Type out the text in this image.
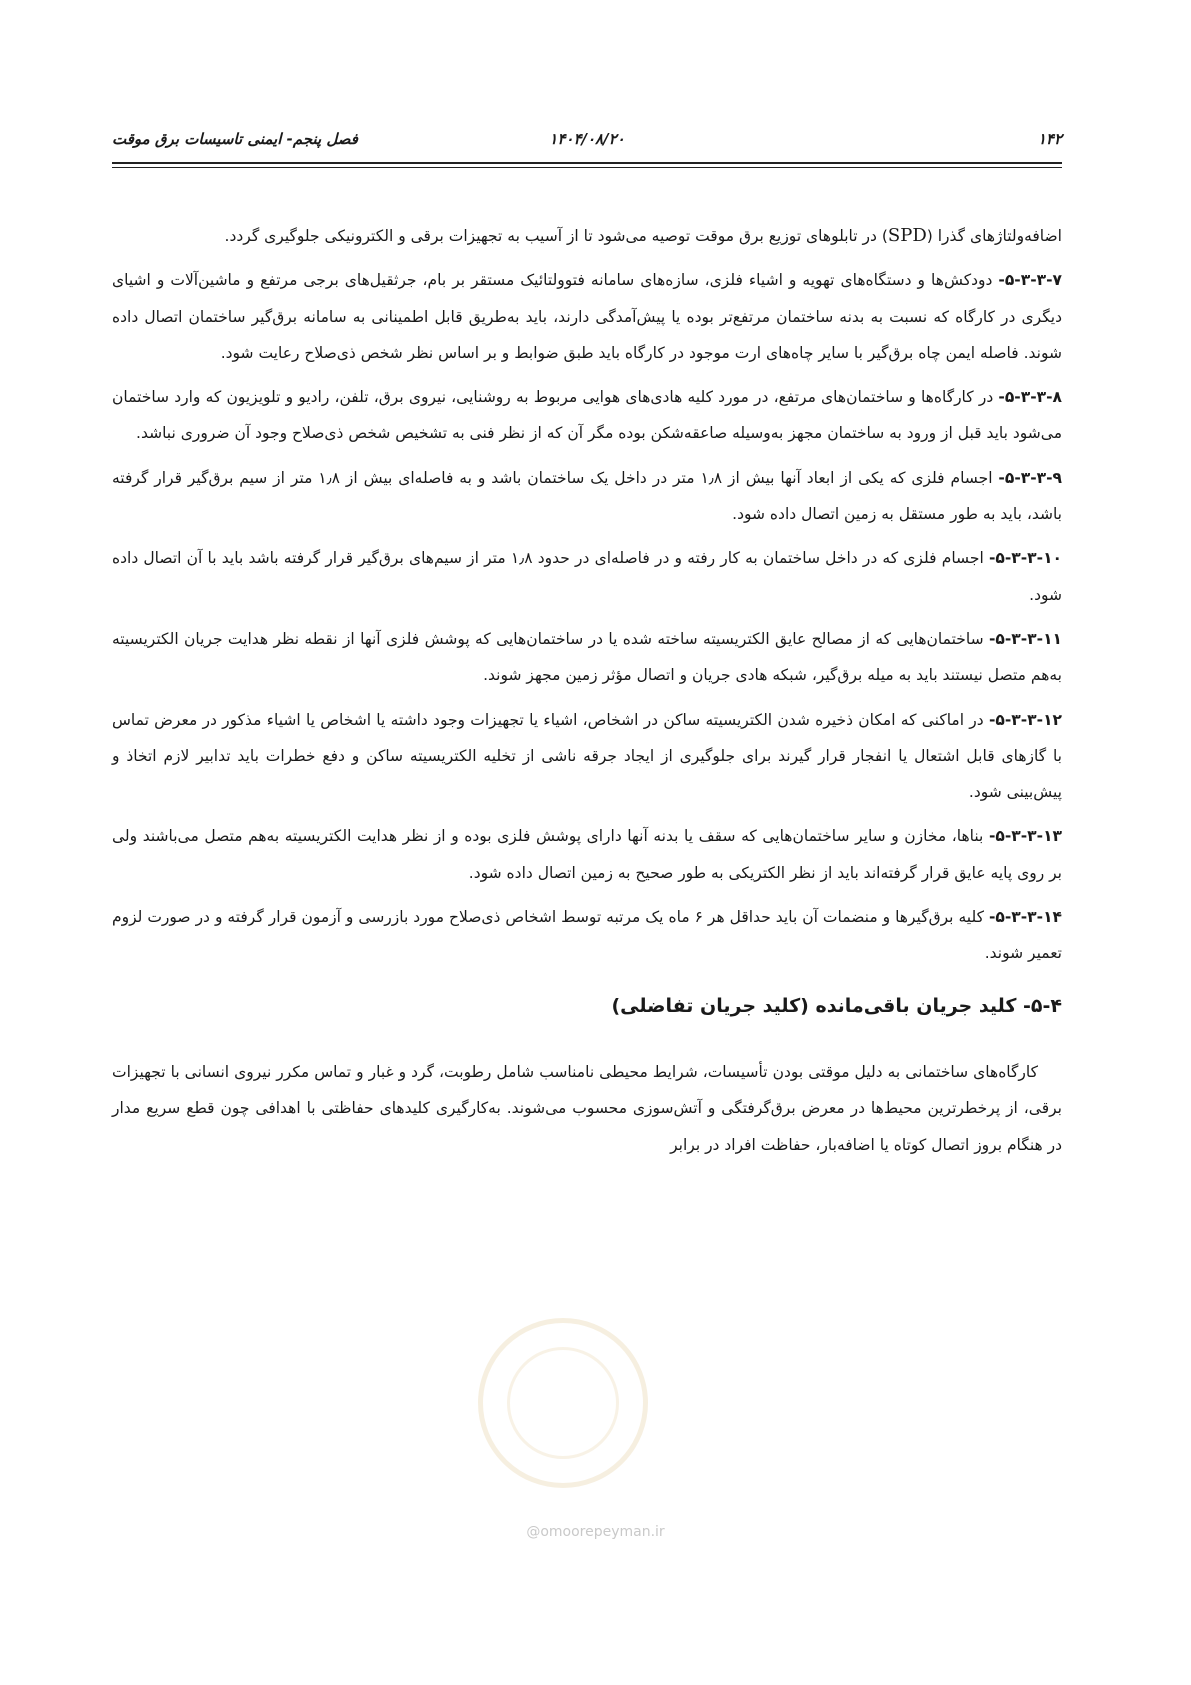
۱۴۲
۱۴۰۴/۰۸/۲۰
فصل پنجم- ایمنی تاسیسات برق موقت

اضافه‌ولتاژهای گذرا (SPD) در تابلوهای توزیع برق موقت توصیه می‌شود تا از آسیب به تجهیزات برقی و الکترونیکی جلوگیری گردد.

۵-۳-۳-۷- دودکش‌ها و دستگاه‌های تهویه و اشیاء فلزی، سازه‌های سامانه فتوولتائیک مستقر بر بام، جرثقیل‌های برجی مرتفع و ماشین‌آلات و اشیای دیگری در کارگاه که نسبت به بدنه ساختمان مرتفع‌تر بوده یا پیش‌آمدگی دارند، باید به‌طریق قابل اطمینانی به سامانه برق‌گیر ساختمان اتصال داده شوند. فاصله ایمن چاه برق‌گیر با سایر چاه‌های ارت موجود در کارگاه باید طبق ضوابط و بر اساس نظر شخص ذی‌صلاح رعایت شود.

۵-۳-۳-۸- در کارگاه‌ها و ساختمان‌های مرتفع، در مورد کلیه هادی‌های هوایی مربوط به روشنایی، نیروی برق، تلفن، رادیو و تلویزیون که وارد ساختمان می‌شود باید قبل از ورود به ساختمان مجهز به‌وسیله صاعقه‌شکن بوده مگر آن که از نظر فنی به تشخیص شخص ذی‌صلاح وجود آن ضروری نباشد.

۵-۳-۳-۹- اجسام فلزی که یکی از ابعاد آنها بیش از ۱٫۸ متر در داخل یک ساختمان باشد و به فاصله‌ای بیش از ۱٫۸ متر از سیم برق‌گیر قرار گرفته باشد، باید به طور مستقل به زمین اتصال داده شود.

۵-۳-۳-۱۰- اجسام فلزی که در داخل ساختمان به کار رفته و در فاصله‌ای در حدود ۱٫۸ متر از سیم‌های برق‌گیر قرار گرفته باشد باید با آن اتصال داده شود.

۵-۳-۳-۱۱- ساختمان‌هایی که از مصالح عایق الکتریسیته ساخته شده یا در ساختمان‌هایی که پوشش فلزی آنها از نقطه نظر هدایت جریان الکتریسیته به‌هم متصل نیستند باید به میله برق‌گیر، شبکه هادی جریان و اتصال مؤثر زمین مجهز شوند.

۵-۳-۳-۱۲- در اماکنی که امکان ذخیره شدن الکتریسیته ساکن در اشخاص، اشیاء یا تجهیزات وجود داشته یا اشخاص یا اشیاء مذکور در معرض تماس با گازهای قابل اشتعال یا انفجار قرار گیرند برای جلوگیری از ایجاد جرقه ناشی از تخلیه الکتریسیته ساکن و دفع خطرات باید تدابیر لازم اتخاذ و پیش‌بینی شود.

۵-۳-۳-۱۳- بناها، مخازن و سایر ساختمان‌هایی که سقف یا بدنه آنها دارای پوشش فلزی بوده و از نظر هدایت الکتریسیته به‌هم متصل می‌باشند ولی بر روی پایه عایق قرار گرفته‌اند باید از نظر الکتریکی به طور صحیح به زمین اتصال داده شود.

۵-۳-۳-۱۴- کلیه برق‌گیرها و منضمات آن باید حداقل هر ۶ ماه یک مرتبه توسط اشخاص ذی‌صلاح مورد بازرسی و آزمون قرار گرفته و در صورت لزوم تعمیر شوند.

۵-۴- کلید جریان باقی‌مانده (کلید جریان تفاضلی)

کارگاه‌های ساختمانی به دلیل موقتی بودن تأسیسات، شرایط محیطی نامناسب شامل رطوبت، گرد و غبار و تماس مکرر نیروی انسانی با تجهیزات برقی، از پرخطرترین محیط‌ها در معرض برق‌گرفتگی و آتش‌سوزی محسوب می‌شوند. به‌کارگیری کلیدهای حفاظتی با اهدافی چون قطع سریع مدار در هنگام بروز اتصال کوتاه یا اضافه‌بار، حفاظت افراد در برابر

@omoorepeyman.ir
